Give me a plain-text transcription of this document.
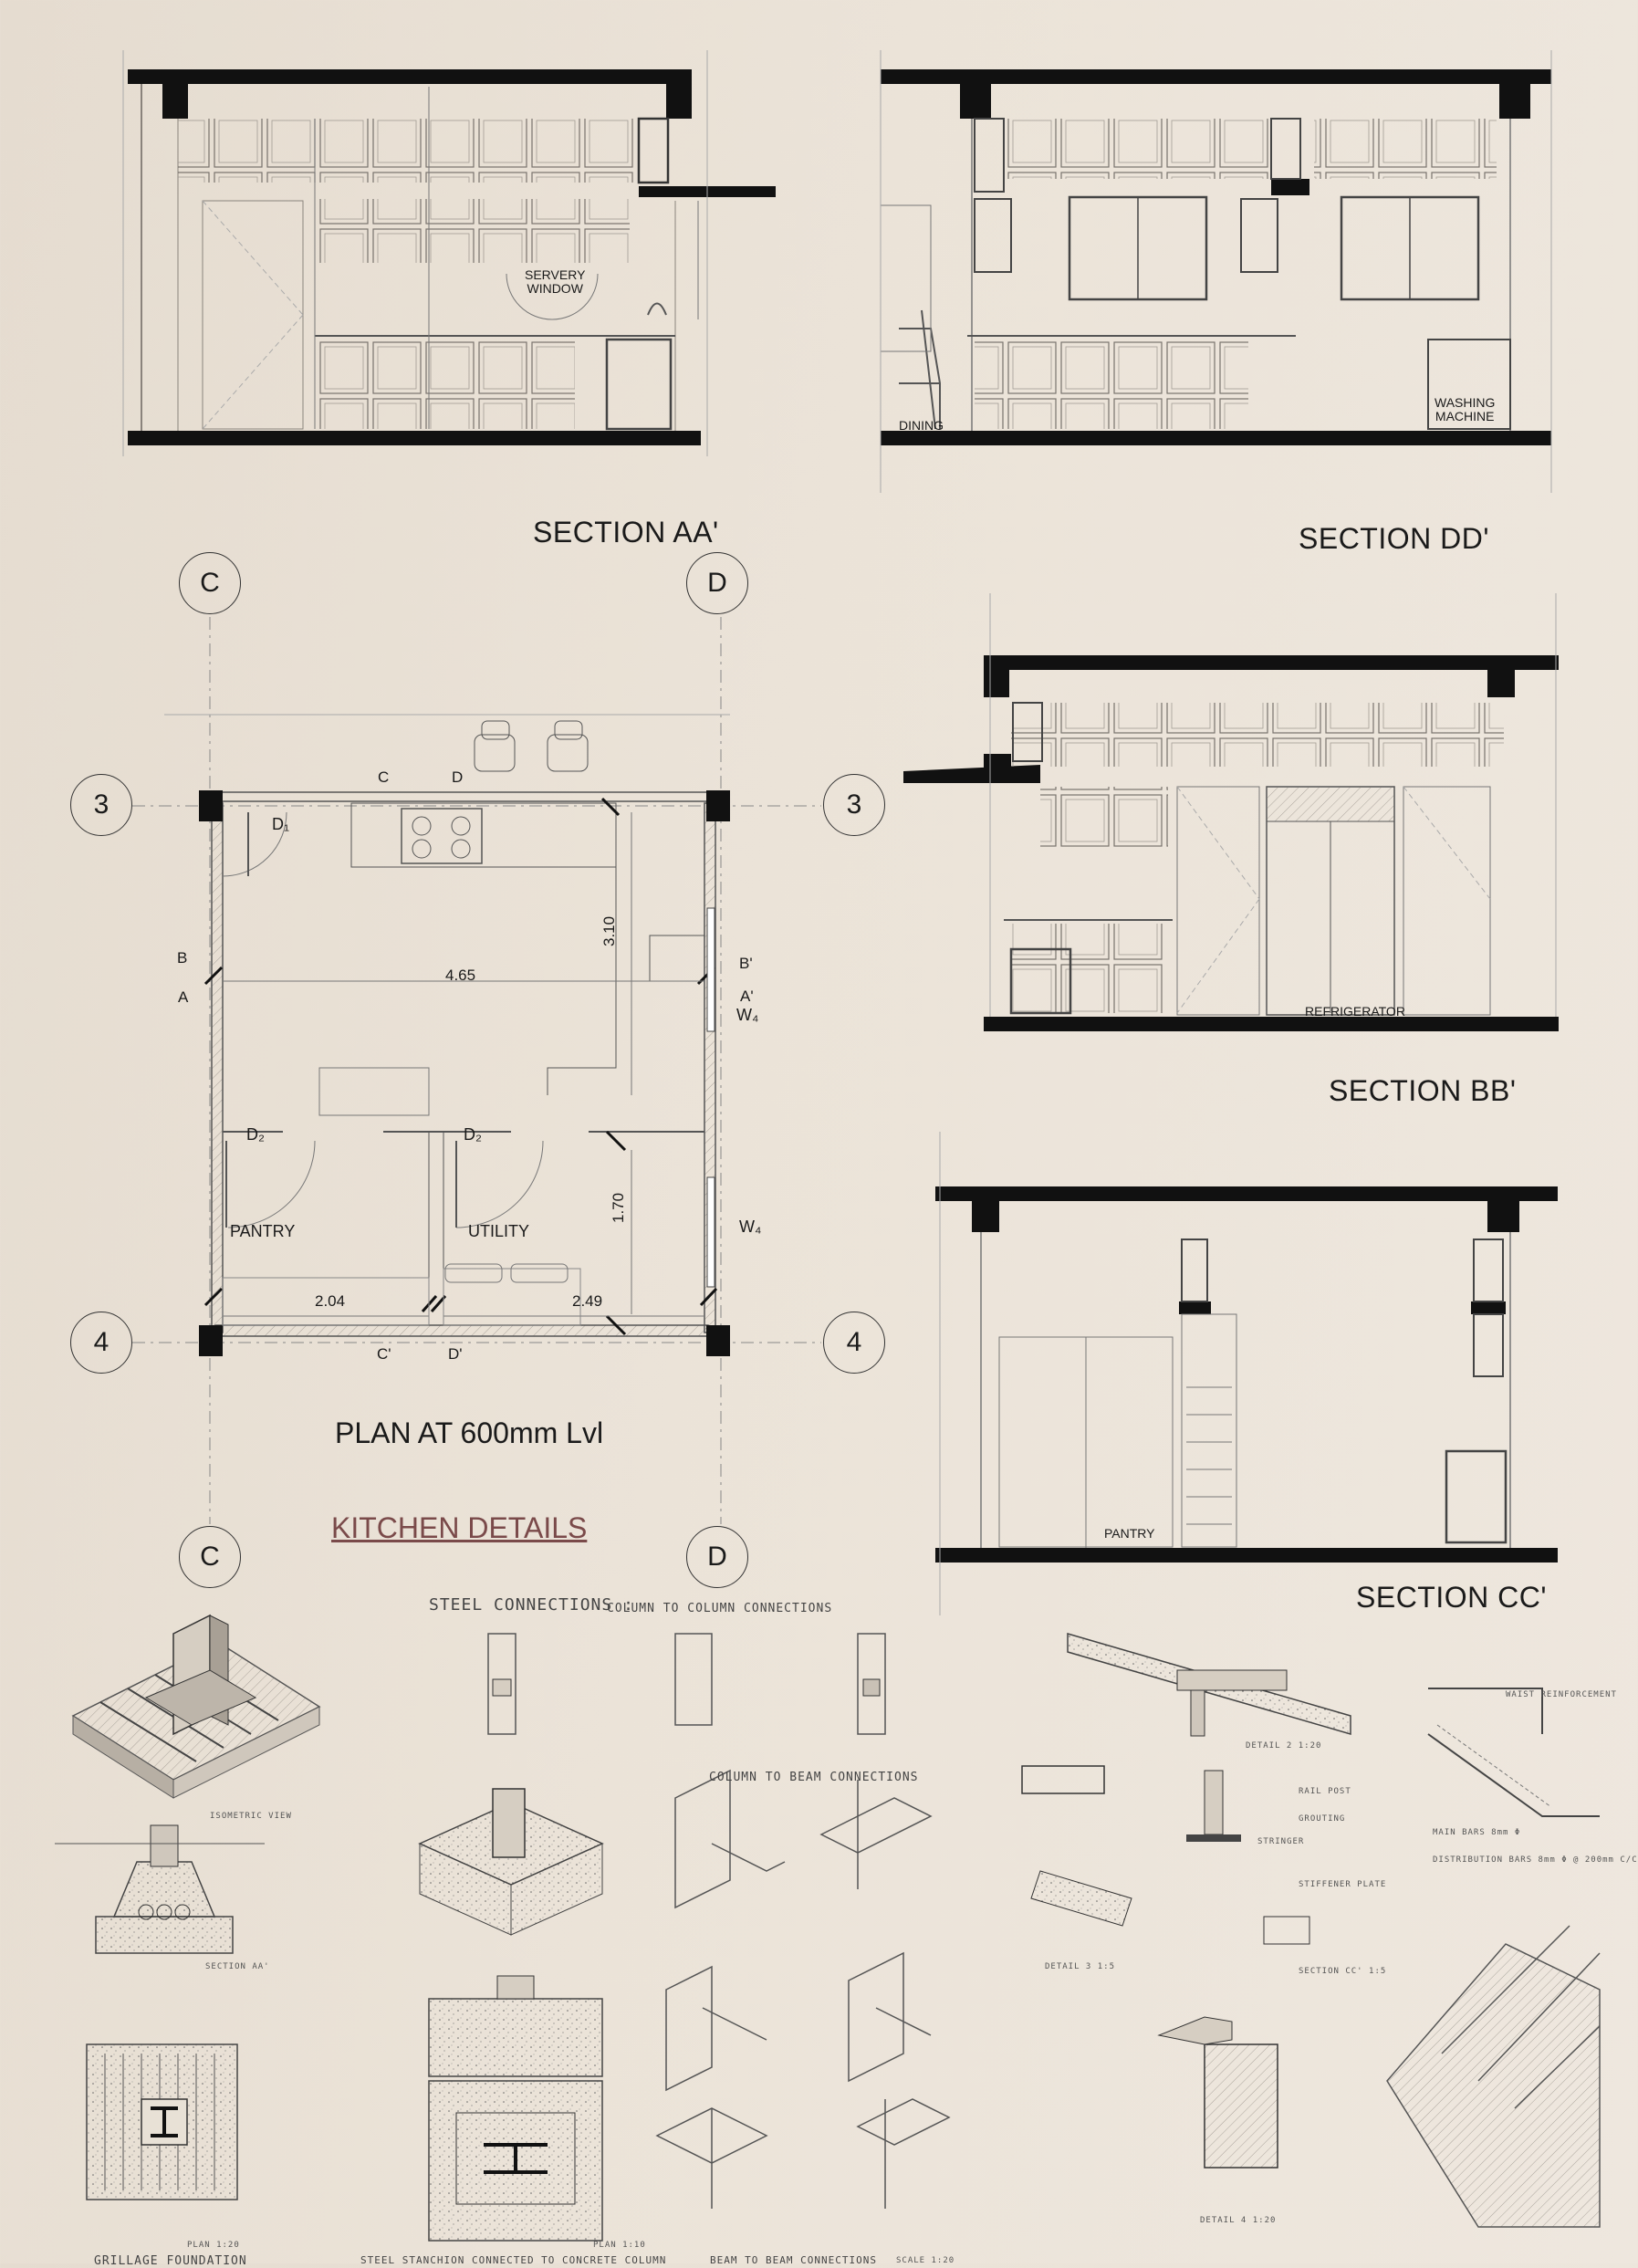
SECTION AA'
SERVERY
WINDOW
SECTION DD'
DINING
WASHING
MACHINE
SECTION BB'
REFRIGERATOR
SECTION CC'
PANTRY
C	D
3	3
4	4
C	D
PLAN AT 600mm Lvl
PANTRY	UTILITY
4.65
3.10
1.70
2.04	2.49
C	D
C'	D'
B
A
B'
A'
D₁
D₂	D₂
W₄
W₄
KITCHEN DETAILS
STEEL CONNECTIONS :
COLUMN TO COLUMN CONNECTIONS
COLUMN TO BEAM CONNECTIONS
ISOMETRIC VIEW
SECTION AA'
GRILLAGE FOUNDATION
PLAN 1:20
STEEL STANCHION CONNECTED TO CONCRETE COLUMN
PLAN 1:10
BEAM TO BEAM CONNECTIONS SCALE 1:20
DETAIL 2 1:20
DETAIL 3 1:5
DETAIL 4 1:20
SECTION CC' 1:5
STRINGER
RAIL POST
GROUTING
STIFFENER PLATE
MAIN BARS 8mm Φ
DISTRIBUTION BARS 8mm Φ @ 200mm C/C
WAIST REINFORCEMENT
